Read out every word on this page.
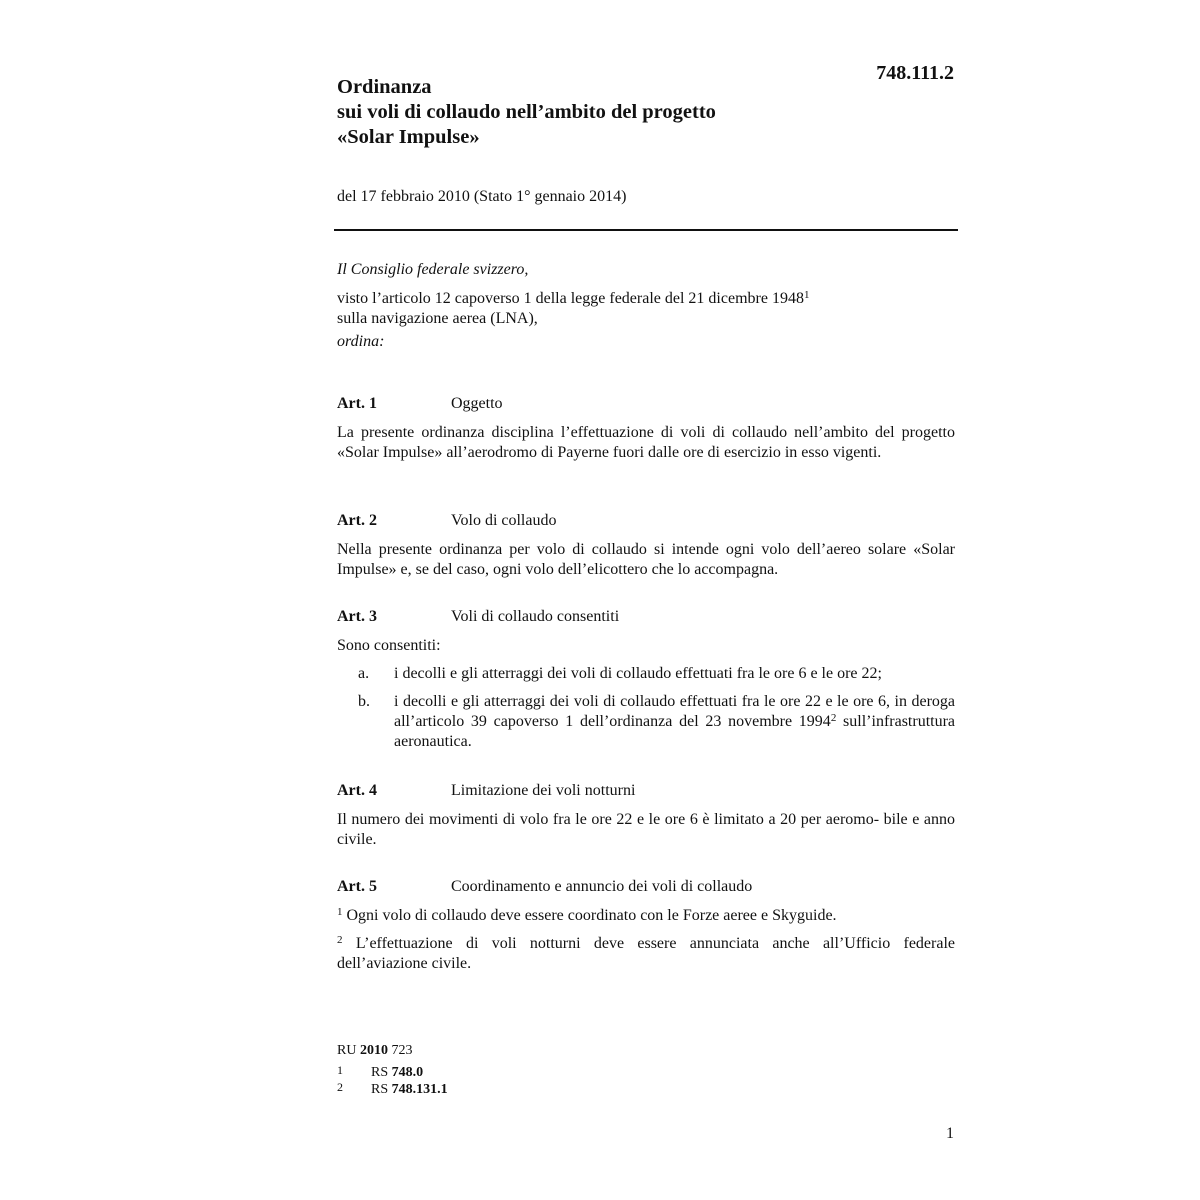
748.111.2
Ordinanza
sui voli di collaudo nell’ambito del progetto
«Solar Impulse»
del 17 febbraio 2010 (Stato 1° gennaio 2014)
Il Consiglio federale svizzero,
visto l’articolo 12 capoverso 1 della legge federale del 21 dicembre 1948$^1$
sulla navigazione aerea (LNA),
ordina:
Art. 1	Oggetto
La presente ordinanza disciplina l’effettuazione di voli di collaudo nell’ambito del progetto «Solar Impulse» all’aerodromo di Payerne fuori dalle ore di esercizio in esso vigenti.
Art. 2	Volo di collaudo
Nella presente ordinanza per volo di collaudo si intende ogni volo dell’aereo solare «Solar Impulse» e, se del caso, ogni volo dell’elicottero che lo accompagna.
Art. 3	Voli di collaudo consentiti
Sono consentiti:
a. i decolli e gli atterraggi dei voli di collaudo effettuati fra le ore 6 e le ore 22;
b. i decolli e gli atterraggi dei voli di collaudo effettuati fra le ore 22 e le ore 6, in deroga all’articolo 39 capoverso 1 dell’ordinanza del 23 novembre 1994$^2$ sull’infrastruttura aeronautica.
Art. 4	Limitazione dei voli notturni
Il numero dei movimenti di volo fra le ore 22 e le ore 6 è limitato a 20 per aeromo- bile e anno civile.
Art. 5	Coordinamento e annuncio dei voli di collaudo
$^1$ Ogni volo di collaudo deve essere coordinato con le Forze aeree e Skyguide.
$^2$ L’effettuazione di voli notturni deve essere annunciata anche all’Ufficio federale dell’aviazione civile.
RU 2010 723
1 RS 748.0
2 RS 748.131.1
1
